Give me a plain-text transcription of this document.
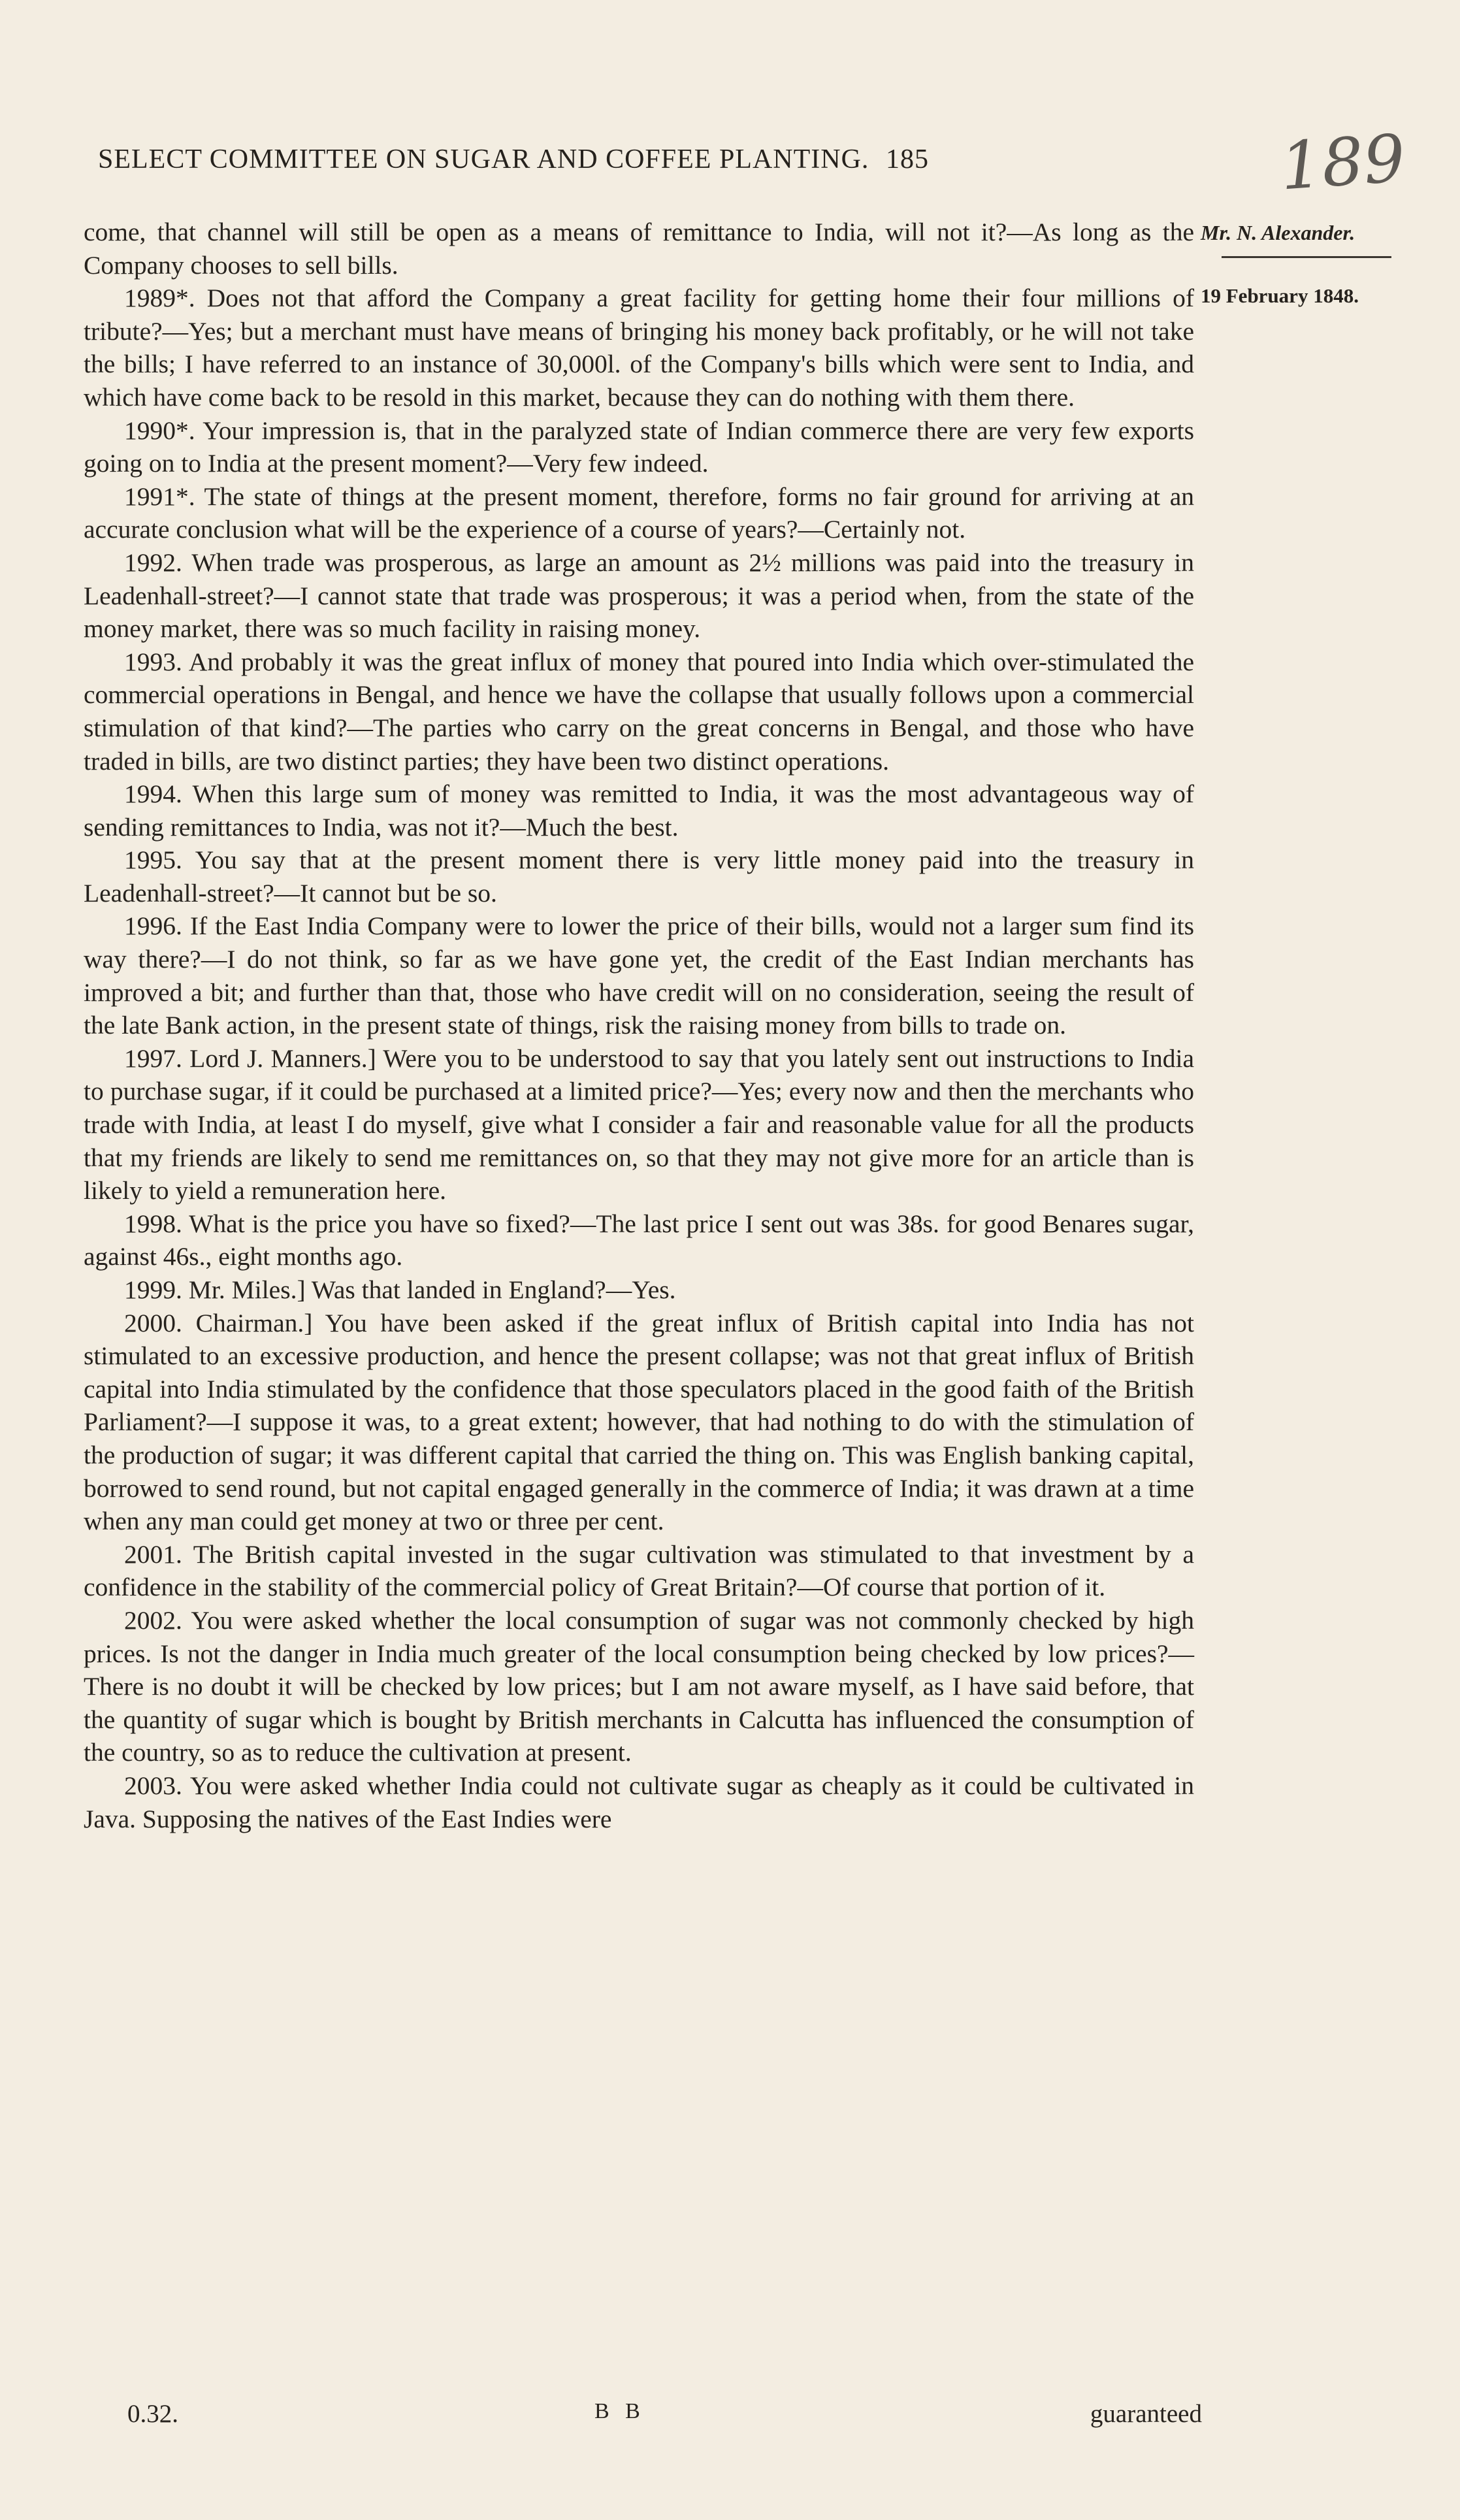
SELECT COMMITTEE ON SUGAR AND COFFEE PLANTING. 185	189
Mr. N. Alexander.
19 February 1848.

come, that channel will still be open as a means of remittance to India, will not it?—As long as the Company chooses to sell bills.

1989*. Does not that afford the Company a great facility for getting home their four millions of tribute?—Yes; but a merchant must have means of bringing his money back profitably, or he will not take the bills; I have referred to an instance of 30,000l. of the Company's bills which were sent to India, and which have come back to be resold in this market, because they can do nothing with them there.

1990*. Your impression is, that in the paralyzed state of Indian commerce there are very few exports going on to India at the present moment?—Very few indeed.

1991*. The state of things at the present moment, therefore, forms no fair ground for arriving at an accurate conclusion what will be the experience of a course of years?—Certainly not.

1992. When trade was prosperous, as large an amount as 2½ millions was paid into the treasury in Leadenhall-street?—I cannot state that trade was prosperous; it was a period when, from the state of the money market, there was so much facility in raising money.

1993. And probably it was the great influx of money that poured into India which over-stimulated the commercial operations in Bengal, and hence we have the collapse that usually follows upon a commercial stimulation of that kind?—The parties who carry on the great concerns in Bengal, and those who have traded in bills, are two distinct parties; they have been two distinct operations.

1994. When this large sum of money was remitted to India, it was the most advantageous way of sending remittances to India, was not it?—Much the best.

1995. You say that at the present moment there is very little money paid into the treasury in Leadenhall-street?—It cannot but be so.

1996. If the East India Company were to lower the price of their bills, would not a larger sum find its way there?—I do not think, so far as we have gone yet, the credit of the East Indian merchants has improved a bit; and further than that, those who have credit will on no consideration, seeing the result of the late Bank action, in the present state of things, risk the raising money from bills to trade on.

1997. Lord J. Manners.] Were you to be understood to say that you lately sent out instructions to India to purchase sugar, if it could be purchased at a limited price?—Yes; every now and then the merchants who trade with India, at least I do myself, give what I consider a fair and reasonable value for all the products that my friends are likely to send me remittances on, so that they may not give more for an article than is likely to yield a remuneration here.

1998. What is the price you have so fixed?—The last price I sent out was 38s. for good Benares sugar, against 46s., eight months ago.

1999. Mr. Miles.] Was that landed in England?—Yes.

2000. Chairman.] You have been asked if the great influx of British capital into India has not stimulated to an excessive production, and hence the present collapse; was not that great influx of British capital into India stimulated by the confidence that those speculators placed in the good faith of the British Parliament?—I suppose it was, to a great extent; however, that had nothing to do with the stimulation of the production of sugar; it was different capital that carried the thing on. This was English banking capital, borrowed to send round, but not capital engaged generally in the commerce of India; it was drawn at a time when any man could get money at two or three per cent.

2001. The British capital invested in the sugar cultivation was stimulated to that investment by a confidence in the stability of the commercial policy of Great Britain?—Of course that portion of it.

2002. You were asked whether the local consumption of sugar was not commonly checked by high prices. Is not the danger in India much greater of the local consumption being checked by low prices?—There is no doubt it will be checked by low prices; but I am not aware myself, as I have said before, that the quantity of sugar which is bought by British merchants in Calcutta has influenced the consumption of the country, so as to reduce the cultivation at present.

2003. You were asked whether India could not cultivate sugar as cheaply as it could be cultivated in Java. Supposing the natives of the East Indies were

0.32.	B B	guaranteed
